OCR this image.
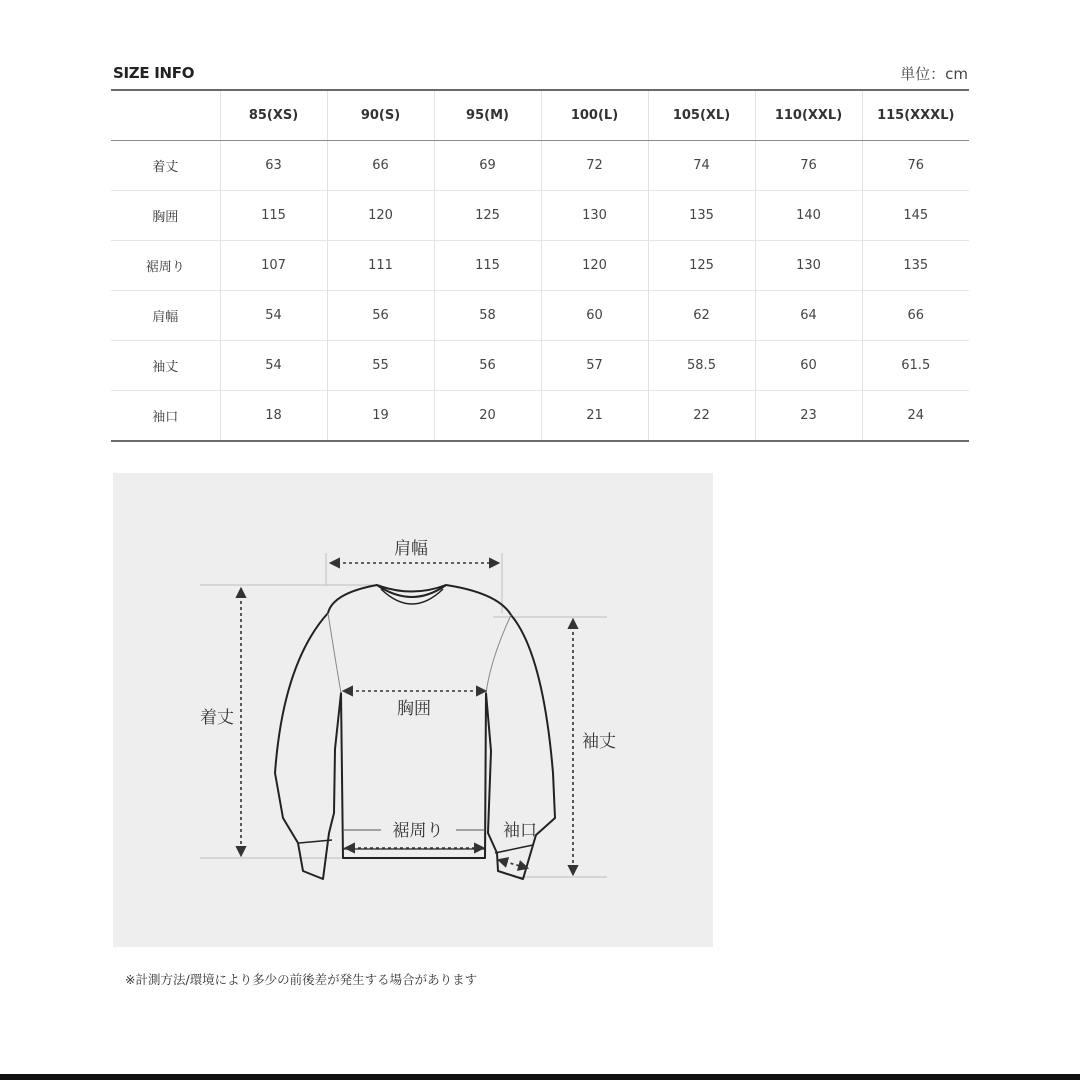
SIZE INFO	単位：cm
	85(XS)	90(S)	95(M)	100(L)	105(XL)	110(XXL)	115(XXXL)
着丈	63	66	69	72	74	76	76
胸囲	115	120	125	130	135	140	145
裾周り	107	111	115	120	125	130	135
肩幅	54	56	58	60	62	64	66
袖丈	54	55	56	57	58.5	60	61.5
袖口	18	19	20	21	22	23	24
肩幅
着丈	胸囲
袖丈
裾周り	袖口
※計測方法/環境により多少の前後差が発生する場合があります
